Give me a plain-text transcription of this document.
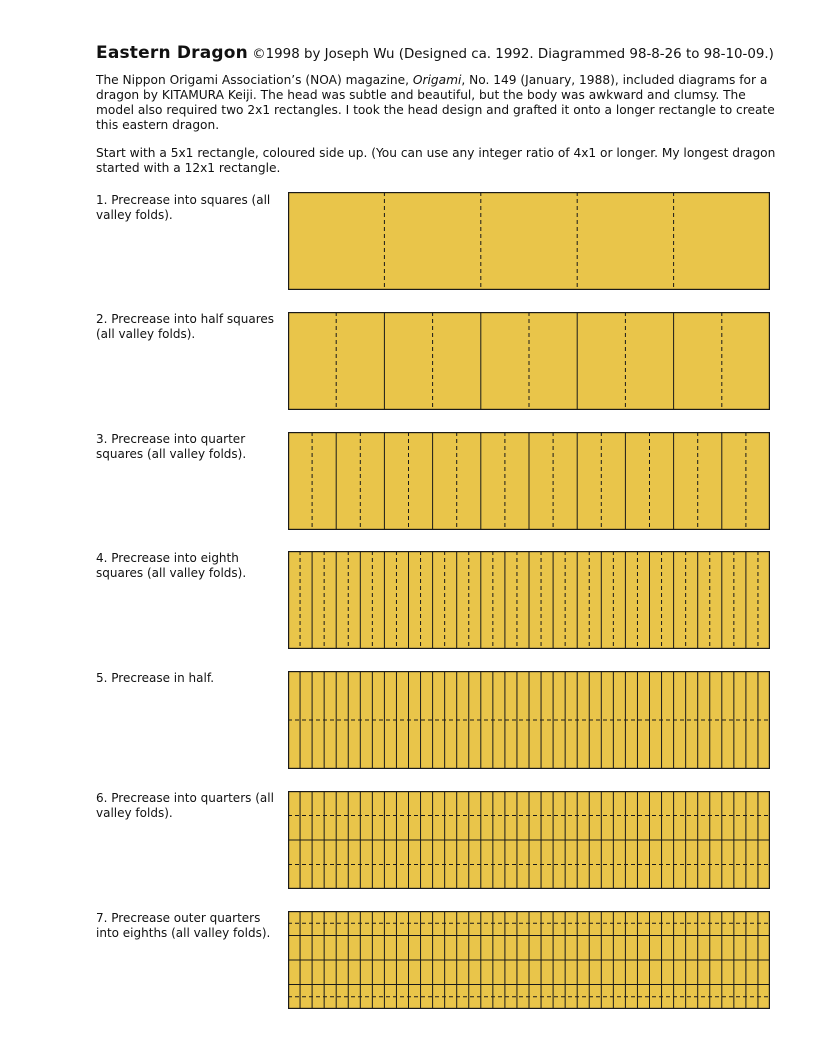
Eastern Dragon ©1998 by Joseph Wu (Designed ca. 1992. Diagrammed 98-8-26 to 98-10-09.)

The Nippon Origami Association’s (NOA) magazine, Origami, No. 149 (January, 1988), included diagrams for a dragon by KITAMURA Keiji. The head was subtle and beautiful, but the body was awkward and clumsy. The model also required two 2x1 rectangles. I took the head design and grafted it onto a longer rectangle to create this eastern dragon.

Start with a 5x1 rectangle, coloured side up. (You can use any integer ratio of 4x1 or longer. My longest dragon started with a 12x1 rectangle.

1. Precrease into squares (all valley folds).
2. Precrease into half squares (all valley folds).
3. Precrease into quarter squares (all valley folds).
4. Precrease into eighth squares (all valley folds).
5. Precrease in half.
6. Precrease into quarters (all valley folds).
7. Precrease outer quarters into eighths (all valley folds).
